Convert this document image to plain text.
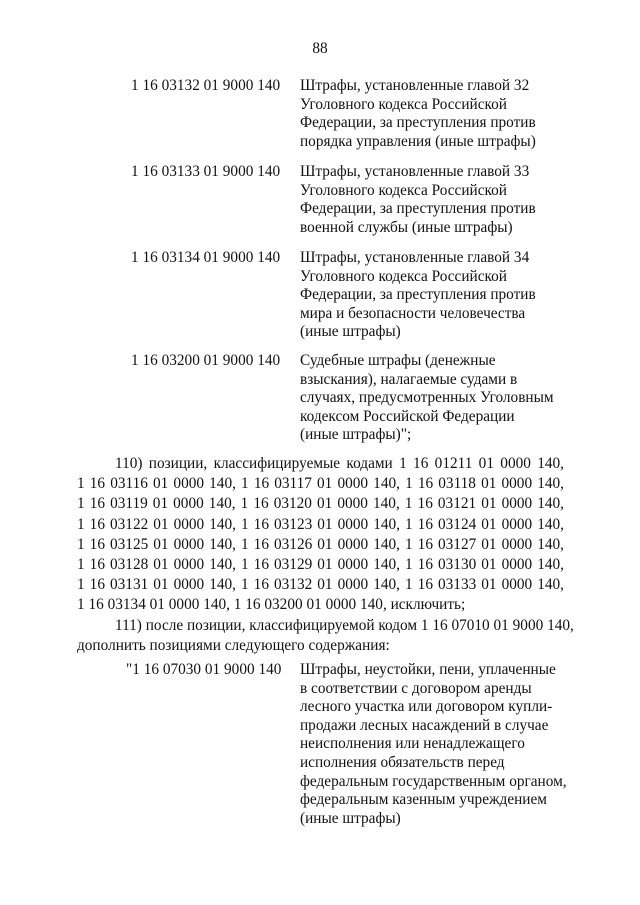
88
1 16 03132 01 9000 140	Штрафы, установленные главой 32
Уголовного кодекса Российской
Федерации, за преступления против
порядка управления (иные штрафы)
1 16 03133 01 9000 140	Штрафы, установленные главой 33
Уголовного кодекса Российской
Федерации, за преступления против
военной службы (иные штрафы)
1 16 03134 01 9000 140	Штрафы, установленные главой 34
Уголовного кодекса Российской
Федерации, за преступления против
мира и безопасности человечества
(иные штрафы)
1 16 03200 01 9000 140	Судебные штрафы (денежные
взыскания), налагаемые судами в
случаях, предусмотренных Уголовным
кодексом Российской Федерации
(иные штрафы)";
110) позиции, классифицируемые кодами 1 16 01211 01 0000 140,
1 16 03116 01 0000 140, 1 16 03117 01 0000 140, 1 16 03118 01 0000 140,
1 16 03119 01 0000 140, 1 16 03120 01 0000 140, 1 16 03121 01 0000 140,
1 16 03122 01 0000 140, 1 16 03123 01 0000 140, 1 16 03124 01 0000 140,
1 16 03125 01 0000 140, 1 16 03126 01 0000 140, 1 16 03127 01 0000 140,
1 16 03128 01 0000 140, 1 16 03129 01 0000 140, 1 16 03130 01 0000 140,
1 16 03131 01 0000 140, 1 16 03132 01 0000 140, 1 16 03133 01 0000 140,
1 16 03134 01 0000 140, 1 16 03200 01 0000 140, исключить;
111) после позиции, классифицируемой кодом 1 16 07010 01 9000 140,
дополнить позициями следующего содержания:
"1 16 07030 01 9000 140	Штрафы, неустойки, пени, уплаченные
в соответствии с договором аренды
лесного участка или договором купли-
продажи лесных насаждений в случае
неисполнения или ненадлежащего
исполнения обязательств перед
федеральным государственным органом,
федеральным казенным учреждением
(иные штрафы)
